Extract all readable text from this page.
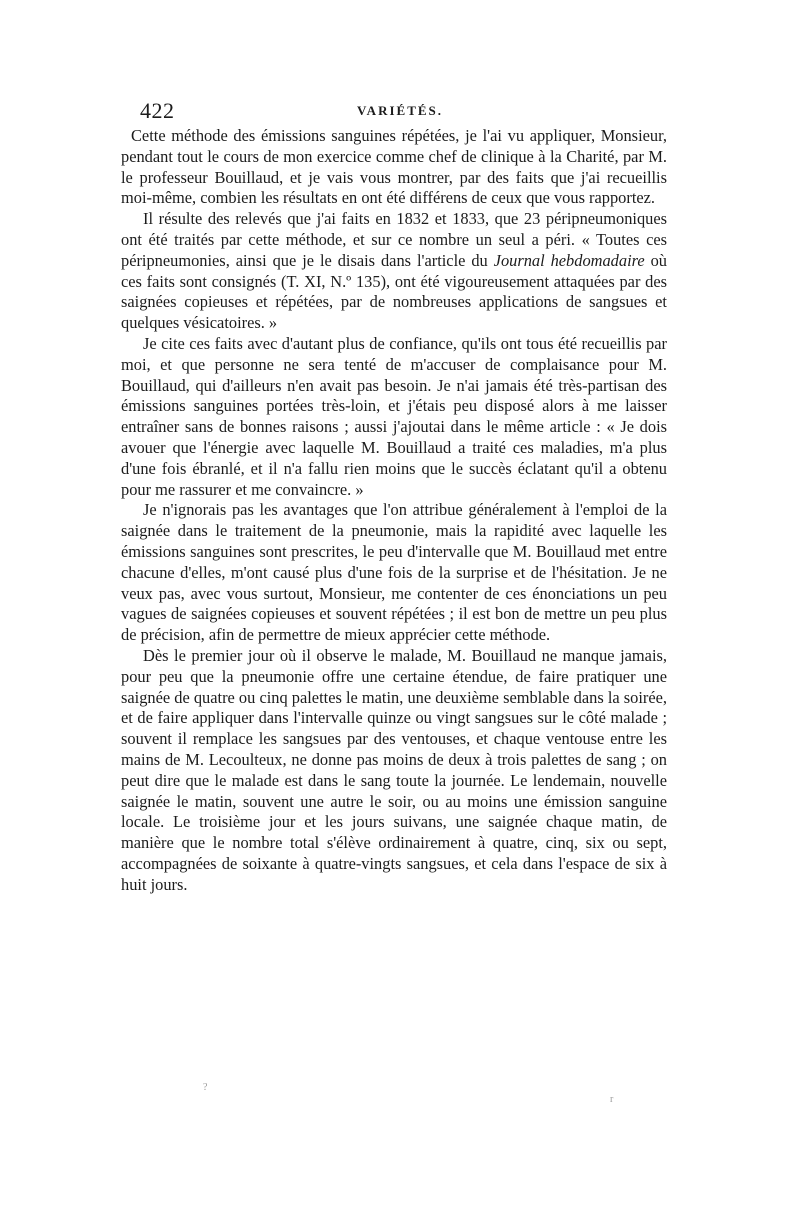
422	VARIÉTÉS.

Cette méthode des émissions sanguines répétées, je l'ai vu appliquer, Monsieur, pendant tout le cours de mon exercice comme chef de clinique à la Charité, par M. le professeur Bouillaud, et je vais vous montrer, par des faits que j'ai recueillis moi-même, combien les résultats en ont été différens de ceux que vous rapportez.

Il résulte des relevés que j'ai faits en 1832 et 1833, que 23 péripneumoniques ont été traités par cette méthode, et sur ce nombre un seul a péri. « Toutes ces péripneumonies, ainsi que je le disais dans l'article du Journal hebdomadaire où ces faits sont consignés (T. XI, N.º 135), ont été vigoureusement attaquées par des saignées copieuses et répétées, par de nombreuses applications de sangsues et quelques vésicatoires. »

Je cite ces faits avec d'autant plus de confiance, qu'ils ont tous été recueillis par moi, et que personne ne sera tenté de m'accuser de complaisance pour M. Bouillaud, qui d'ailleurs n'en avait pas besoin. Je n'ai jamais été très-partisan des émissions sanguines portées très-loin, et j'étais peu disposé alors à me laisser entraîner sans de bonnes raisons ; aussi j'ajoutai dans le même article : « Je dois avouer que l'énergie avec laquelle M. Bouillaud a traité ces maladies, m'a plus d'une fois ébranlé, et il n'a fallu rien moins que le succès éclatant qu'il a obtenu pour me rassurer et me convaincre. »

Je n'ignorais pas les avantages que l'on attribue généralement à l'emploi de la saignée dans le traitement de la pneumonie, mais la rapidité avec laquelle les émissions sanguines sont prescrites, le peu d'intervalle que M. Bouillaud met entre chacune d'elles, m'ont causé plus d'une fois de la surprise et de l'hésitation. Je ne veux pas, avec vous surtout, Monsieur, me contenter de ces énonciations un peu vagues de saignées copieuses et souvent répétées ; il est bon de mettre un peu plus de précision, afin de permettre de mieux apprécier cette méthode.

Dès le premier jour où il observe le malade, M. Bouillaud ne manque jamais, pour peu que la pneumonie offre une certaine étendue, de faire pratiquer une saignée de quatre ou cinq palettes le matin, une deuxième semblable dans la soirée, et de faire appliquer dans l'intervalle quinze ou vingt sangsues sur le côté malade ; souvent il remplace les sangsues par des ventouses, et chaque ventouse entre les mains de M. Lecoulteux, ne donne pas moins de deux à trois palettes de sang ; on peut dire que le malade est dans le sang toute la journée. Le lendemain, nouvelle saignée le matin, souvent une autre le soir, ou au moins une émission sanguine locale. Le troisième jour et les jours suivans, une saignée chaque matin, de manière que le nombre total s'élève ordinairement à quatre, cinq, six ou sept, accompagnées de soixante à quatre-vingts sangsues, et cela dans l'espace de six à huit jours.

?
r
